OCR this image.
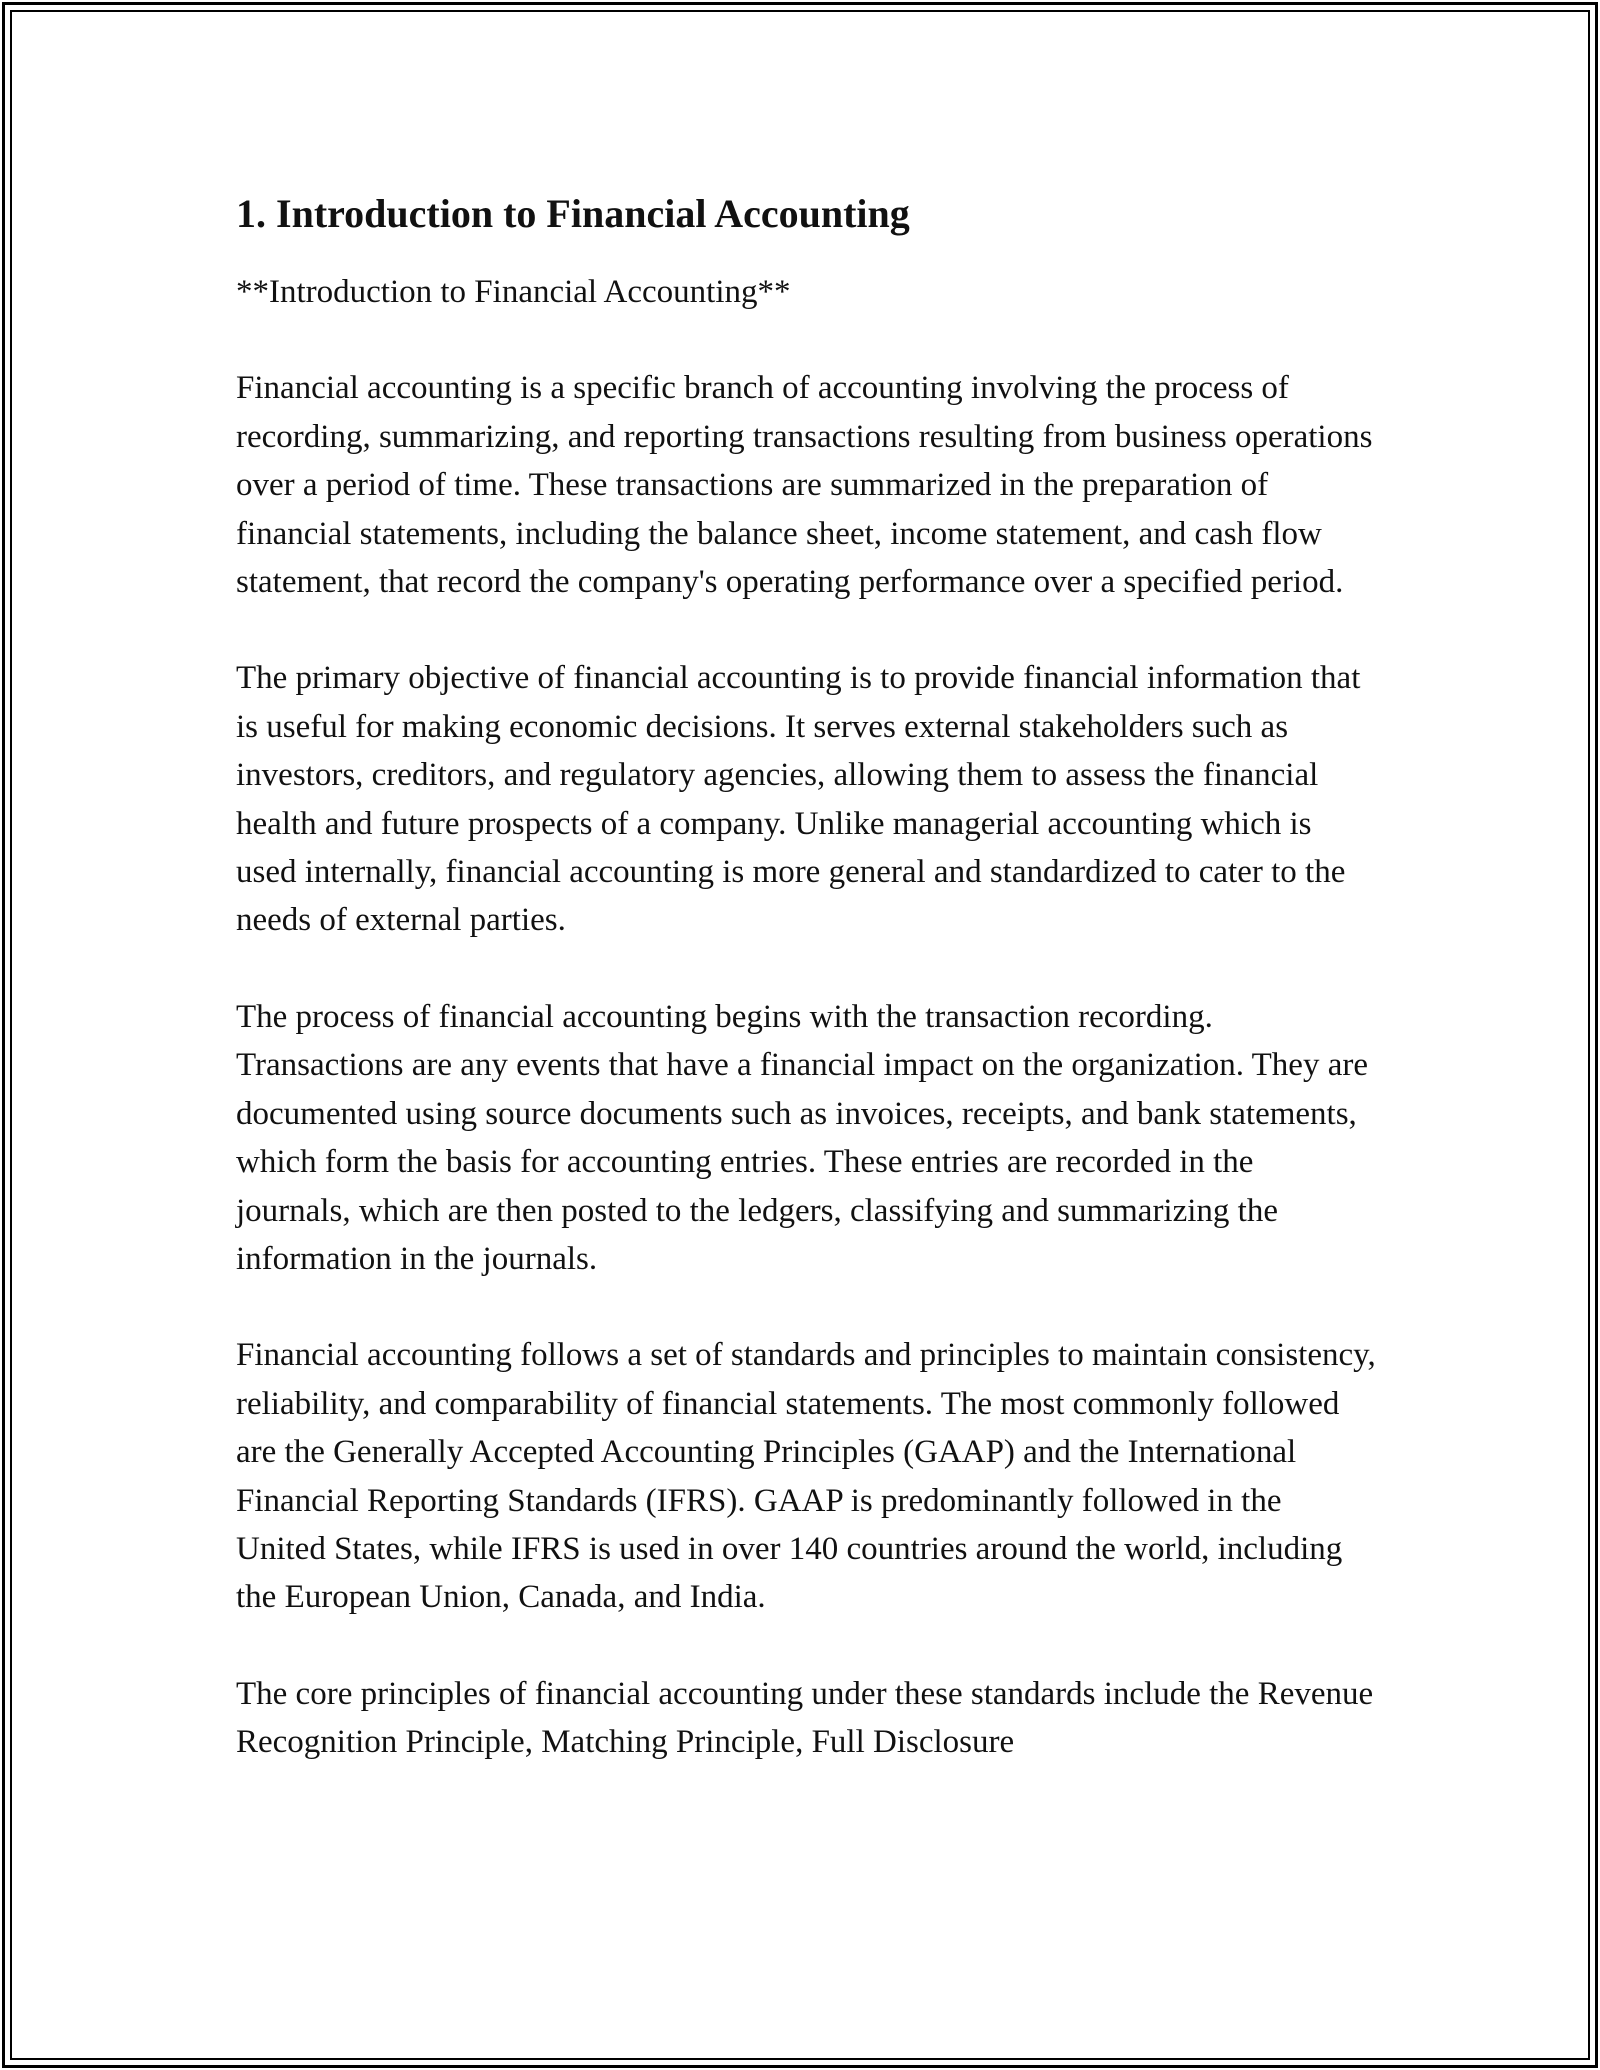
1. Introduction to Financial Accounting

**Introduction to Financial Accounting**

Financial accounting is a specific branch of accounting involving the process of recording, summarizing, and reporting transactions resulting from business operations over a period of time. These transactions are summarized in the preparation of financial statements, including the balance sheet, income statement, and cash flow statement, that record the company's operating performance over a specified period.

The primary objective of financial accounting is to provide financial information that is useful for making economic decisions. It serves external stakeholders such as investors, creditors, and regulatory agencies, allowing them to assess the financial health and future prospects of a company. Unlike managerial accounting which is used internally, financial accounting is more general and standardized to cater to the needs of external parties.

The process of financial accounting begins with the transaction recording. Transactions are any events that have a financial impact on the organization. They are documented using source documents such as invoices, receipts, and bank statements, which form the basis for accounting entries. These entries are recorded in the journals, which are then posted to the ledgers, classifying and summarizing the information in the journals.

Financial accounting follows a set of standards and principles to maintain consistency, reliability, and comparability of financial statements. The most commonly followed are the Generally Accepted Accounting Principles (GAAP) and the International Financial Reporting Standards (IFRS). GAAP is predominantly followed in the United States, while IFRS is used in over 140 countries around the world, including the European Union, Canada, and India.

The core principles of financial accounting under these standards include the Revenue Recognition Principle, Matching Principle, Full Disclosure
